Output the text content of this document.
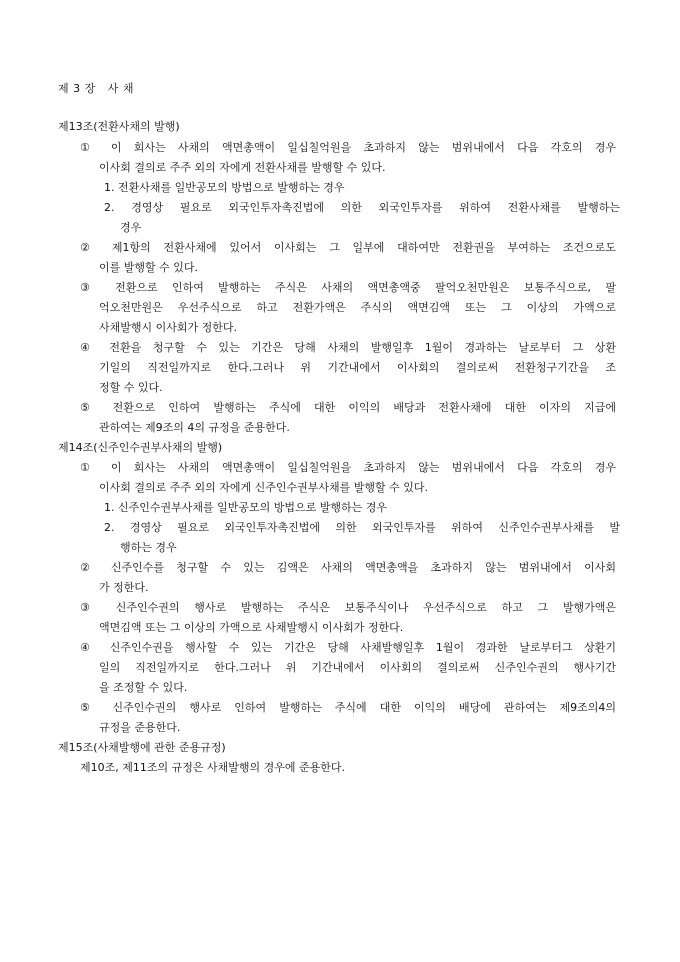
제 3 장   사 채
제13조(전환사채의 발행)
① 이 회사는 사채의 액면총액이 일십칠억원을 초과하지 않는 범위내에서 다음 각호의 경우
이사회 결의로 주주 외의 자에게 전환사채를 발행할 수 있다.
1. 전환사채를 일반공모의 방법으로 발행하는 경우
2. 경영상 필요로 외국인투자촉진법에 의한 외국인투자를 위하여 전환사채를 발행하는
경우
② 제1항의 전환사채에 있어서 이사회는 그 일부에 대하여만 전환권을 부여하는 조건으로도
이를 발행할 수 있다.
③ 전환으로 인하여 발행하는 주식은 사채의 액면총액중 팔억오천만원은 보통주식으로, 팔
억오천만원은 우선주식으로 하고 전환가액은 주식의 액면김액 또는 그 이상의 가액으로
사채발행시 이사회가 정한다.
④ 전환을 청구할 수 있는 기간은 당해 사채의 발행일후 1월이 경과하는 날로부터 그 상환
기일의 직전일까지로 한다.그러나 위 기간내에서 이사회의 결의로써 전환청구기간을 조
정할 수 있다.
⑤ 전환으로 인하여 발행하는 주식에 대한 이익의 배당과 전환사채에 대한 이자의 지급에
관하여는 제9조의 4의 규정을 준용한다.
제14조(신주인수권부사채의 발행)
① 이 회사는 사채의 액면총액이 일십칠억원을 초과하지 않는 범위내에서 다음 각호의 경우
이사회 결의로 주주 외의 자에게 신주인수권부사채를 발행할 수 있다.
1. 신주인수권부사채를 일반공모의 방법으로 발행하는 경우
2. 경영상 필요로 외국인투자촉진법에 의한 외국인투자를 위하여 신주인수권부사채를 발
행하는 경우
② 신주인수를 청구할 수 있는 김액은 사채의 액면총액을 초과하지 않는 범위내에서 이사회
가 정한다.
③ 신주인수권의 행사로 발행하는 주식은 보통주식이나 우선주식으로 하고 그 발행가액은
액면김액 또는 그 이상의 가액으로 사채발행시 이사회가 정한다.
④ 신주인수권을 행사할 수 있는 기간은 당해 사채발행일후 1월이 경과한 날로부터그 상환기
일의 직전일까지로 한다.그러나 위 기간내에서 이사회의 결의로써 신주인수권의 행사기간
을 조정할 수 있다.
⑤ 신주인수권의 행사로 인하여 발행하는 주식에 대한 이익의 배당에 관하여는 제9조의4의
규정을 준용한다.
제15조(사채발행에 관한 준용규정)
제10조, 제11조의 규정은 사채발행의 경우에 준용한다.
